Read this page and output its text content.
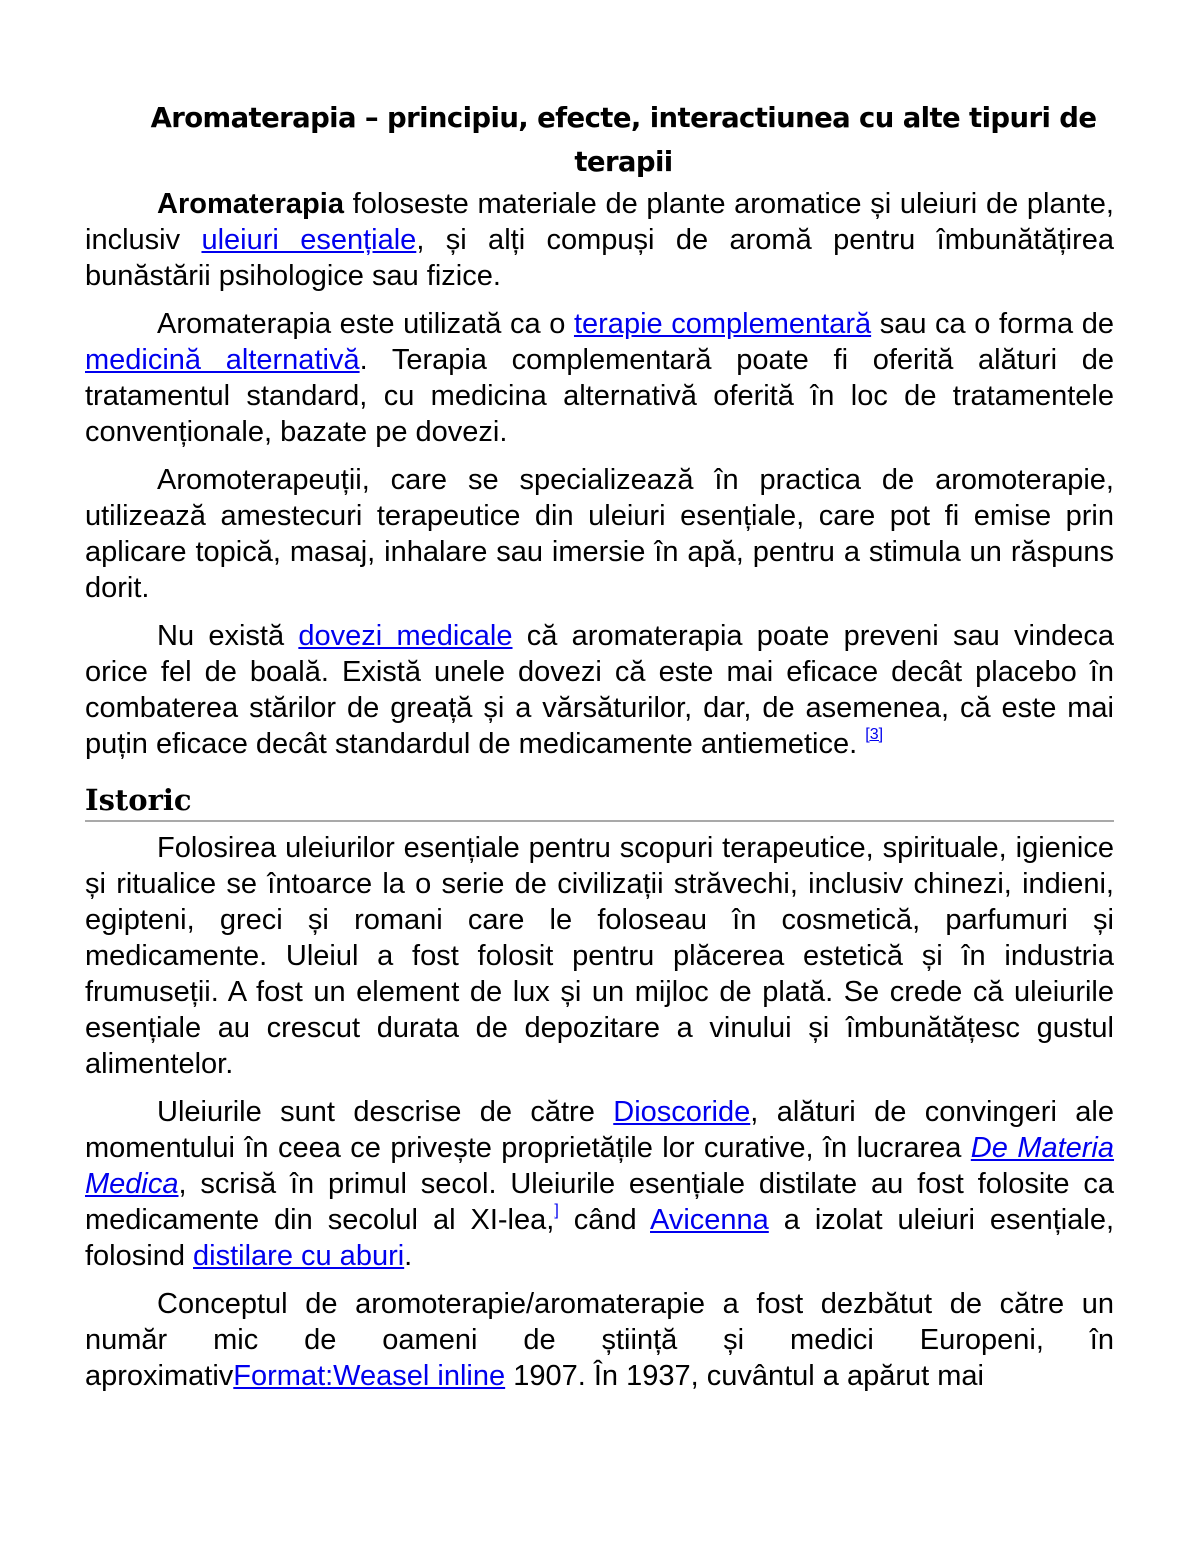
Aromaterapia – principiu, efecte, interactiunea cu alte tipuri de terapii

Aromaterapia foloseste materiale de plante aromatice și uleiuri de plante, inclusiv uleiuri esențiale, și alți compuși de aromă pentru îmbunătățirea bunăstării psihologice sau fizice.

Aromaterapia este utilizată ca o terapie complementară sau ca o forma de medicină alternativă. Terapia complementară poate fi oferită alături de tratamentul standard, cu medicina alternativă oferită în loc de tratamentele convenționale, bazate pe dovezi.

Aromoterapeuții, care se specializează în practica de aromoterapie, utilizează amestecuri terapeutice din uleiuri esențiale, care pot fi emise prin aplicare topică, masaj, inhalare sau imersie în apă, pentru a stimula un răspuns dorit.

Nu există dovezi medicale că aromaterapia poate preveni sau vindeca orice fel de boală. Există unele dovezi că este mai eficace decât placebo în combaterea stărilor de greață și a vărsăturilor, dar, de asemenea, că este mai puțin eficace decât standardul de medicamente antiemetice. [3]

Istoric

Folosirea uleiurilor esențiale pentru scopuri terapeutice, spirituale, igienice și ritualice se întoarce la o serie de civilizații străvechi, inclusiv chinezi, indieni, egipteni, greci și romani care le foloseau în cosmetică, parfumuri și medicamente. Uleiul a fost folosit pentru plăcerea estetică și în industria frumuseții. A fost un element de lux și un mijloc de plată. Se crede că uleiurile esențiale au crescut durata de depozitare a vinului și îmbunătățesc gustul alimentelor.

Uleiurile sunt descrise de către Dioscoride, alături de convingeri ale momentului în ceea ce privește proprietățile lor curative, în lucrarea De Materia Medica, scrisă în primul secol. Uleiurile esențiale distilate au fost folosite ca medicamente din secolul al XI-lea,] când Avicenna a izolat uleiuri esențiale, folosind distilare cu aburi.

Conceptul de aromoterapie/aromaterapie a fost dezbătut de către un număr mic de oameni de știință și medici Europeni, în aproximativFormat:Weasel inline 1907. În 1937, cuvântul a apărut mai
